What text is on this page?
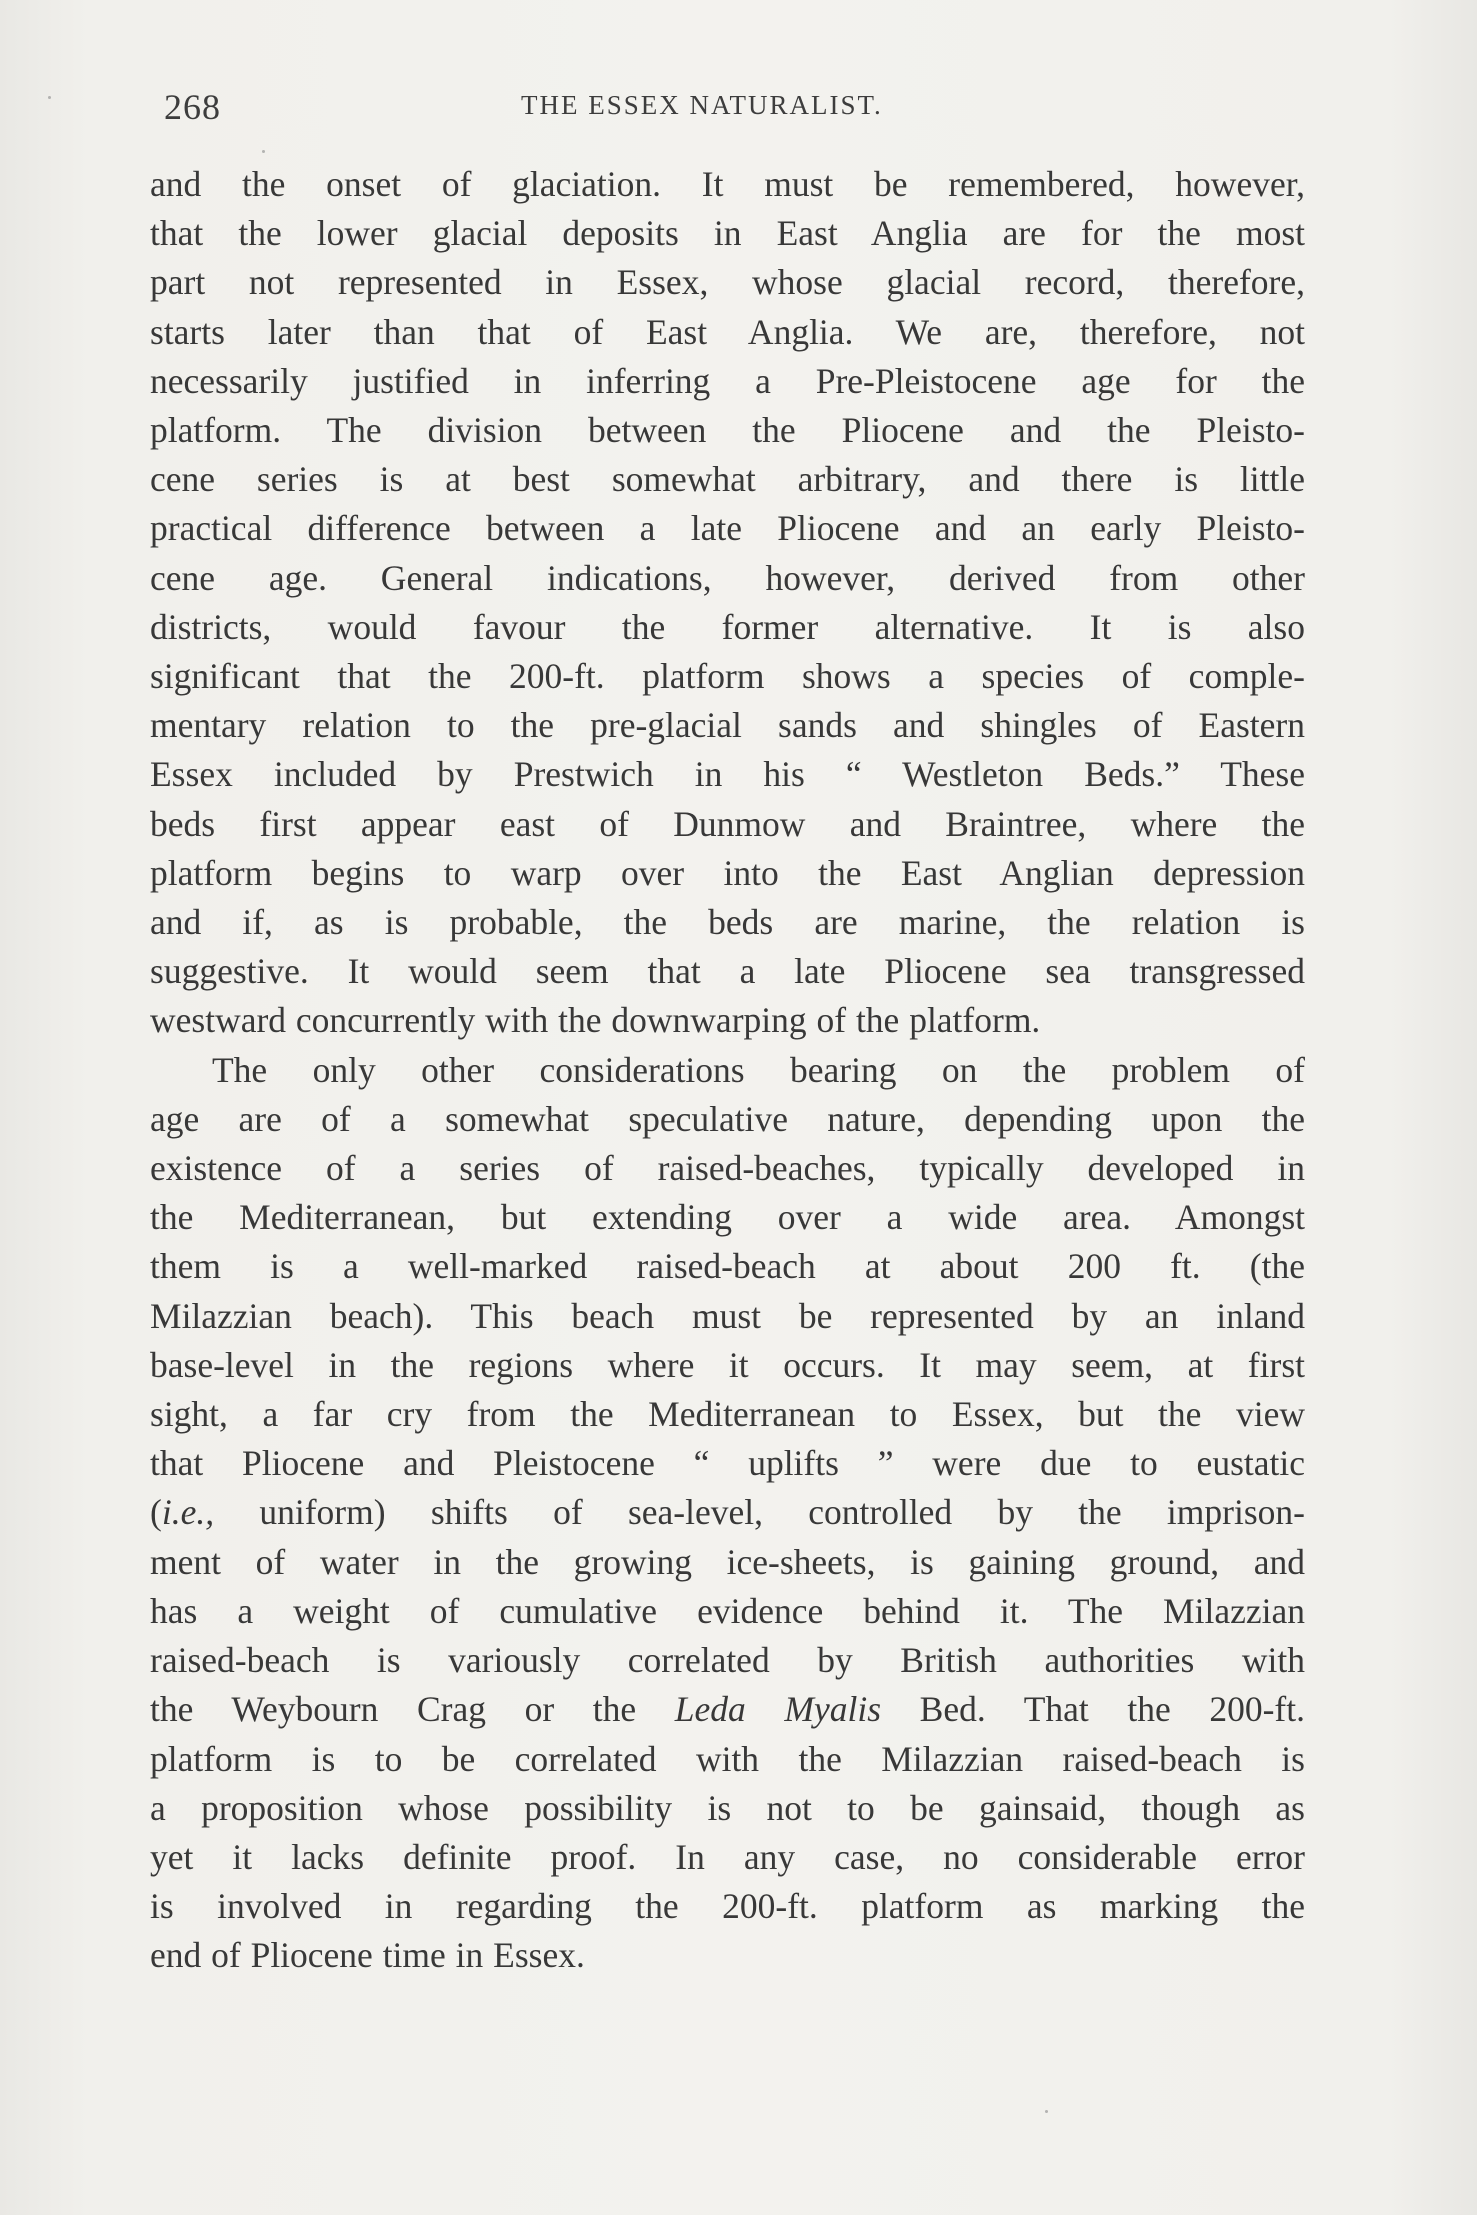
268	THE ESSEX NATURALIST.

and the onset of glaciation. It must be remembered, however,
that the lower glacial deposits in East Anglia are for the most
part not represented in Essex, whose glacial record, therefore,
starts later than that of East Anglia. We are, therefore, not
necessarily justified in inferring a Pre-Pleistocene age for the
platform. The division between the Pliocene and the Pleisto-
cene series is at best somewhat arbitrary, and there is little
practical difference between a late Pliocene and an early Pleisto-
cene age. General indications, however, derived from other
districts, would favour the former alternative. It is also
significant that the 200-ft. platform shows a species of comple-
mentary relation to the pre-glacial sands and shingles of Eastern
Essex included by Prestwich in his “ Westleton Beds.” These
beds first appear east of Dunmow and Braintree, where the
platform begins to warp over into the East Anglian depression
and if, as is probable, the beds are marine, the relation is
suggestive. It would seem that a late Pliocene sea transgressed
westward concurrently with the downwarping of the platform.

The only other considerations bearing on the problem of
age are of a somewhat speculative nature, depending upon the
existence of a series of raised-beaches, typically developed in
the Mediterranean, but extending over a wide area. Amongst
them is a well-marked raised-beach at about 200 ft. (the
Milazzian beach). This beach must be represented by an inland
base-level in the regions where it occurs. It may seem, at first
sight, a far cry from the Mediterranean to Essex, but the view
that Pliocene and Pleistocene “ uplifts ” were due to eustatic
(i.e., uniform) shifts of sea-level, controlled by the imprison-
ment of water in the growing ice-sheets, is gaining ground, and
has a weight of cumulative evidence behind it. The Milazzian
raised-beach is variously correlated by British authorities with
the Weybourn Crag or the Leda Myalis Bed. That the 200-ft.
platform is to be correlated with the Milazzian raised-beach is
a proposition whose possibility is not to be gainsaid, though as
yet it lacks definite proof. In any case, no considerable error
is involved in regarding the 200-ft. platform as marking the
end of Pliocene time in Essex.
